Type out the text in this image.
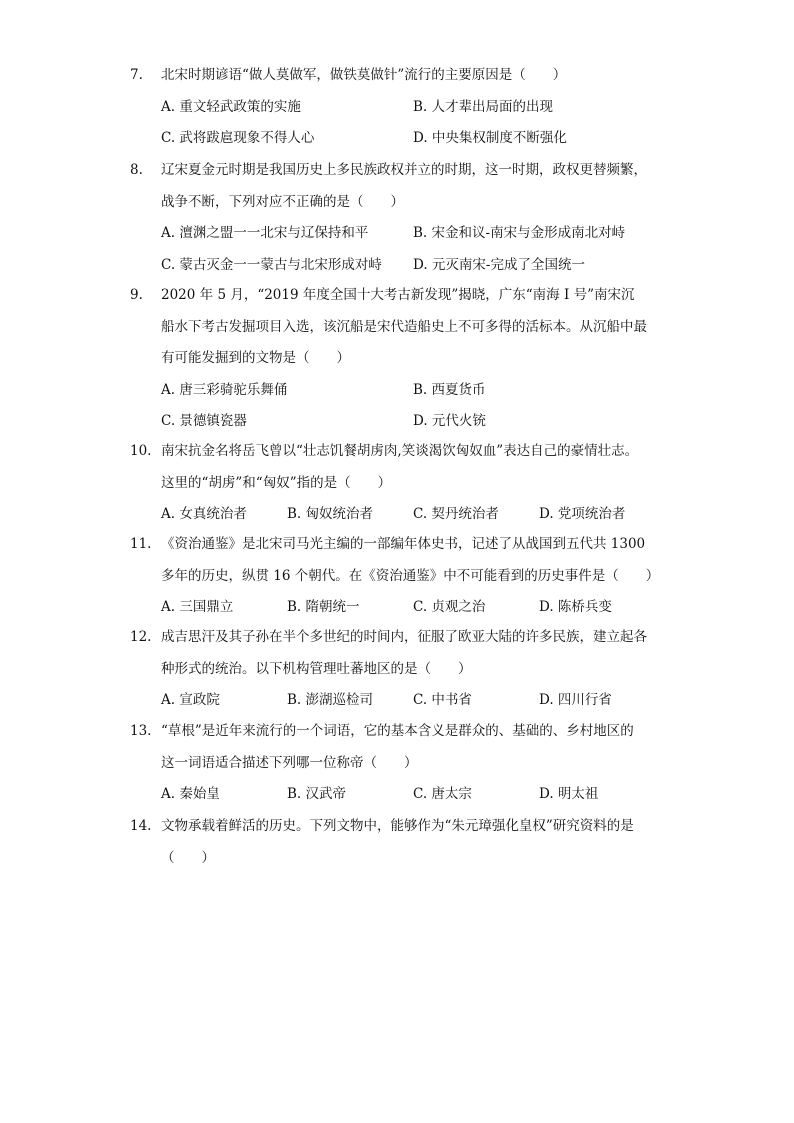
7.	北宋时期谚语“做人莫做军，做铁莫做针”流行的主要原因是（　　）
A. 重文轻武政策的实施	B. 人才辈出局面的出现
C. 武将跋扈现象不得人心	D. 中央集权制度不断强化
8.	辽宋夏金元时期是我国历史上多民族政权并立的时期，这一时期，政权更替频繁，
战争不断，下列对应不正确的是（　　）
A. 澶渊之盟一一北宋与辽保持和平	B. 宋金和议-南宋与金形成南北对峙
C. 蒙古灭金一一蒙古与北宋形成对峙 D. 元灭南宋-完成了全国统一
9.	2020 年 5 月，“2019 年度全国十大考古新发现”揭晓，广东“南海 I 号”南宋沉
船水下考古发掘项目入选，该沉船是宋代造船史上不可多得的活标本。从沉船中最
有可能发掘到的文物是（　　）
A. 唐三彩骑驼乐舞俑	B. 西夏货币
C. 景德镇瓷器	D. 元代火铳
10. 南宋抗金名将岳飞曾以“壮志饥餐胡虏肉,笑谈渴饮匈奴血”表达自己的豪情壮志。
这里的“胡虏”和“匈奴”指的是（　　）
A. 女真统治者	B. 匈奴统治者	C. 契丹统治者	D. 党项统治者
11. 《资治通鉴》是北宋司马光主编的一部编年体史书，记述了从战国到五代共 1300
多年的历史，纵贯 16 个朝代。在《资治通鉴》中不可能看到的历史事件是（　　）
A. 三国鼎立	B. 隋朝统一	C. 贞观之治	D. 陈桥兵变
12. 成吉思汗及其子孙在半个多世纪的时间内，征服了欧亚大陆的许多民族，建立起各
种形式的统治。以下机构管理吐蕃地区的是（　　）
A. 宣政院	B. 澎湖巡检司	C. 中书省	D. 四川行省
13. “草根”是近年来流行的一个词语，它的基本含义是群众的、基础的、乡村地区的
这一词语适合描述下列哪一位称帝（　　）
A. 秦始皇	B. 汉武帝	C. 唐太宗	D. 明太祖
14. 文物承载着鲜活的历史。下列文物中，能够作为“朱元璋强化皇权”研究资料的是
（　　）
